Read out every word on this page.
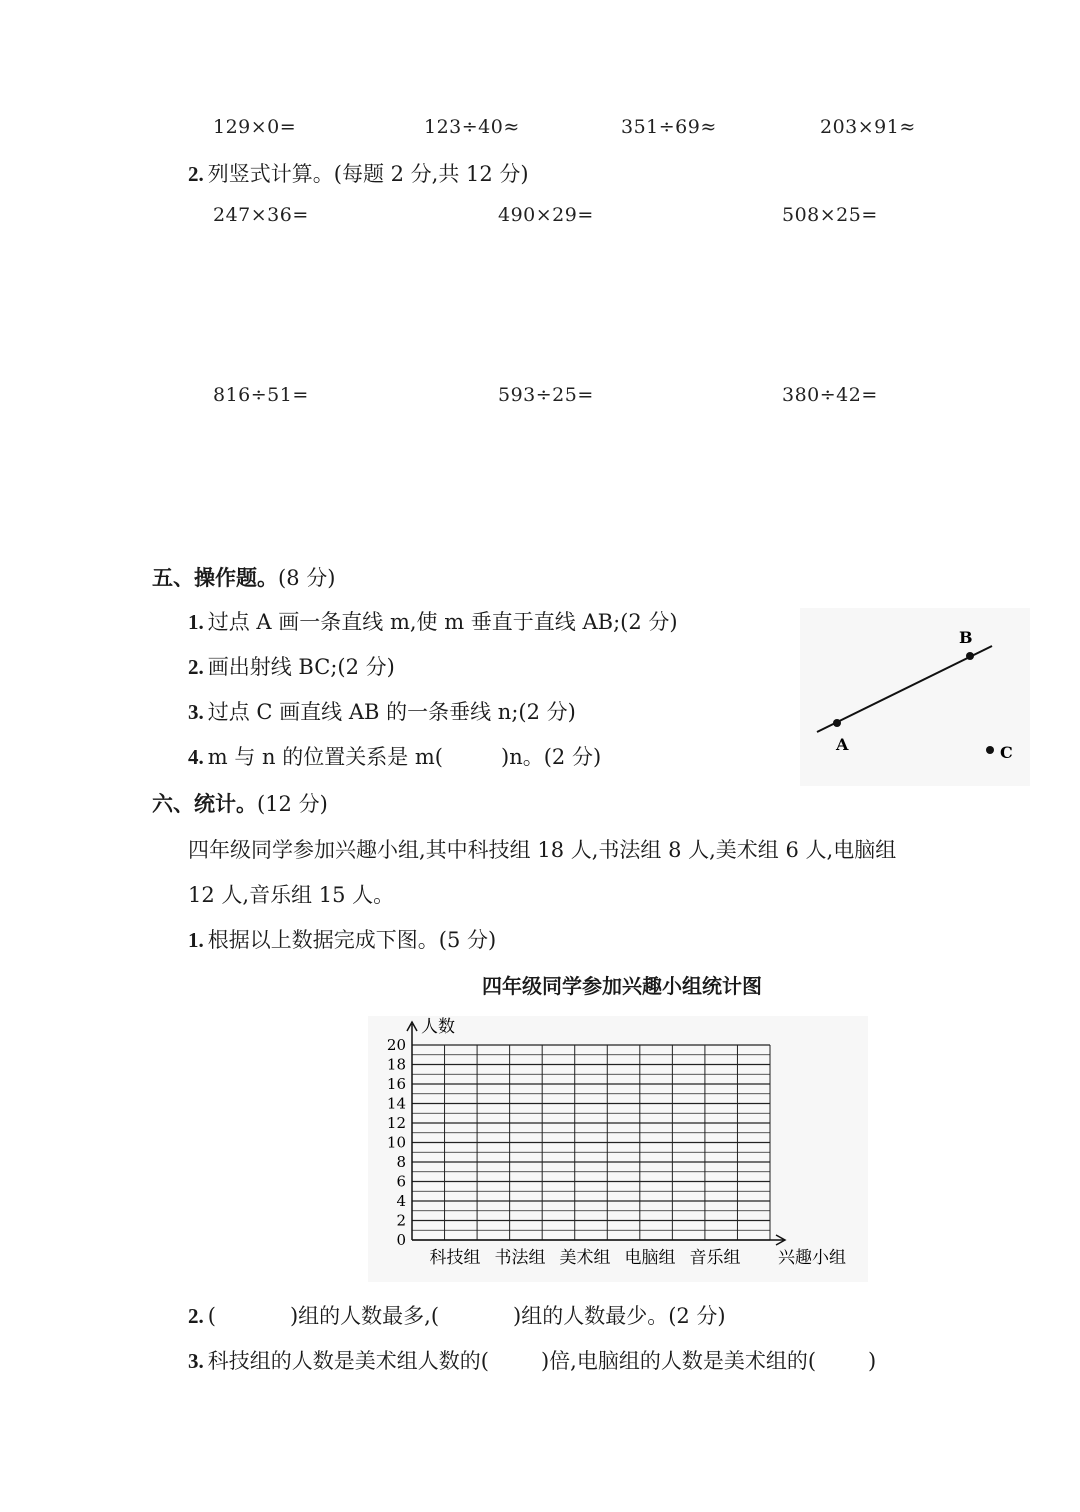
129×0=	123÷40≈	351÷69≈	203×91≈
2. 列竖式计算。(每题 2 分,共 12 分)
247×36=	490×29=	508×25=
816÷51=	593÷25=	380÷42=
五、操作题。(8 分)
1. 过点 A 画一条直线 m,使 m 垂直于直线 AB;(2 分)
2. 画出射线 BC;(2 分)
3. 过点 C 画直线 AB 的一条垂线 n;(2 分)
4. m 与 n 的位置关系是 m(	)n。(2 分)
A
B
C
六、统计。(12 分)
四年级同学参加兴趣小组,其中科技组 18 人,书法组 8 人,美术组 6 人,电脑组
12 人,音乐组 15 人。
1. 根据以上数据完成下图。(5 分)
四年级同学参加兴趣小组统计图
0
2
4
6
8
10
12
14
16
18
20
人数
兴趣小组
科技组 书法组 美术组 电脑组 音乐组
2. (	)组的人数最多,(	)组的人数最少。(2 分)
3. 科技组的人数是美术组人数的( )倍,电脑组的人数是美术组的( )
